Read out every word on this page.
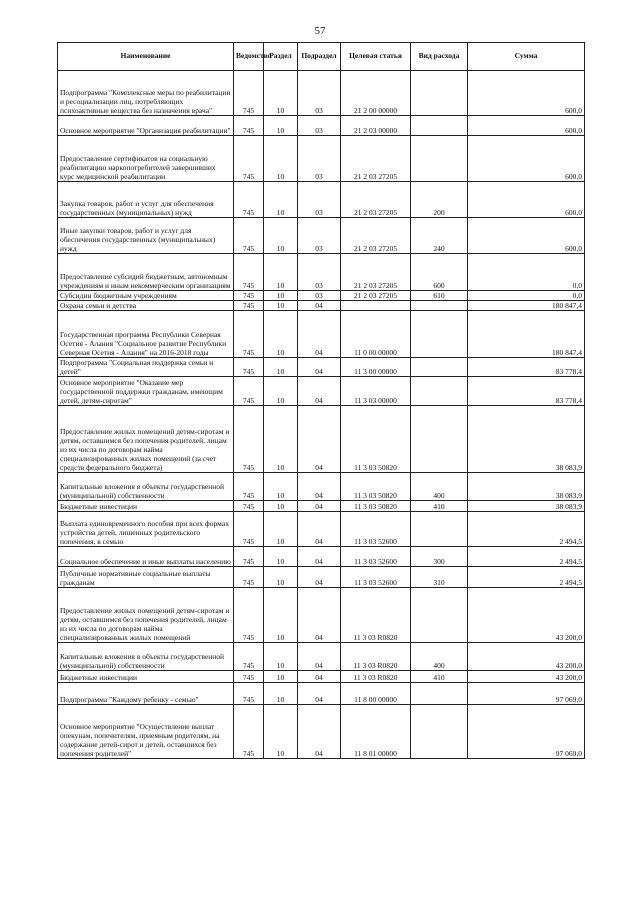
57
Наименование	Ведомство	Раздел	Подраздел	Целевая статья	Вид расхода	Сумма
Подпрограмма "Комплексные меры по реабилитации и ресоциализации лиц, потребляющих психоактивные вещества без назначения врача"	745	10	03	21 2 00 00000		600,0
Основное мероприятие "Организация реабилитации"	745	10	03	21 2 03 00000		600,0
Предоставление сертификатов на социальную реабилитацию наркопотребителей завершивших курс медицинской реабилитации	745	10	03	21 2 03 27205		600,0
Закупка товаров, работ и услуг для обеспечения государственных (муниципальных) нужд	745	10	03	21 2 03 27205	200	600,0
Иные закупки товаров, работ и услуг для обеспечения государственных (муниципальных) нужд	745	10	03	21 2 03 27205	240	600,0
Предоставление субсидий бюджетным, автономным учреждениям и иным некоммерческим организациям	745	10	03	21 2 03 27205	600	0,0
Субсидии бюджетным учреждениям	745	10	03	21 2 03 27205	610	0,0
Охрана семьи и детства	745	10	04			180 847,4
Государственная программа Республики Северная Осетия - Алания "Социальное развитие Республики Северная Осетия - Алания" на 2016-2018 годы	745	10	04	11 0 00 00000		180 847,4
Подпрограмма "Социальная поддержка семьи и детей"	745	10	04	11 3 00 00000		83 778,4
Основное мероприятие "Оказание мер государственной поддержки гражданам, имеющим детей, детям-сиротам"	745	10	04	11 3 03 00000		83 778,4
Предоставление жилых помещений детям-сиротам и детям, оставшимся без попечения родителей, лицам из их числа по договорам найма специализированных жилых помещений (за счет средств федерального бюджета)	745	10	04	11 3 03 50820		38 083,9
Капитальные вложения в объекты государственной (муниципальной) собственности	745	10	04	11 3 03 50820	400	38 083,9
Бюджетные инвестиции	745	10	04	11 3 03 50820	410	38 083,9
Выплата единовременного пособия при всех формах устройства детей, лишенных родительского попечения, в семью	745	10	04	11 3 03 52600		2 494,5
Социальное обеспечение и иные выплаты населению	745	10	04	11 3 03 52600	300	2 494,5
Публичные нормативные социальные выплаты гражданам	745	10	04	11 3 03 52600	310	2 494,5
Предоставление жилых помещений детям-сиротам и детям, оставшимся без попечения родителей, лицам из их числа по договорам найма специализированных жилых помещений	745	10	04	11 3 03 R0820		43 200,0
Капитальные вложения в объекты государственной (муниципальной) собственности	745	10	04	11 3 03 R0820	400	43 200,0
Бюджетные инвестиции	745	10	04	11 3 03 R0820	410	43 200,0
Подпрограмма "Каждому ребенку - семью"	745	10	04	11 8 00 00000		97 069,0
Основное мероприятие "Осуществление выплат опекунам, попечителям, приемным родителям, на содержание детей-сирот и детей, оставшихся без попечения родителей"	745	10	04	11 8 01 00000		97 069,0
